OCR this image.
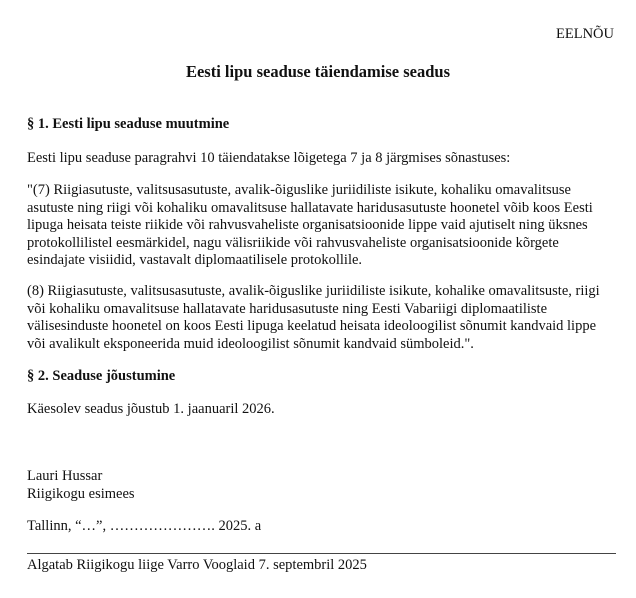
EELNÕU
Eesti lipu seaduse täiendamise seadus
§ 1. Eesti lipu seaduse muutmine
Eesti lipu seaduse paragrahvi 10 täiendatakse lõigetega 7 ja 8 järgmises sõnastuses:
"(7) Riigiasutuste, valitsusasutuste, avalik-õiguslike juriidiliste isikute, kohaliku omavalitsuse
asutuste ning riigi või kohaliku omavalitsuse hallatavate haridusasutuste hoonetel võib koos Eesti
lipuga heisata teiste riikide või rahvusvaheliste organisatsioonide lippe vaid ajutiselt ning üksnes
protokollilistel eesmärkidel, nagu välisriikide või rahvusvaheliste organisatsioonide kõrgete
esindajate visiidid, vastavalt diplomaatilisele protokollile.
(8) Riigiasutuste, valitsusasutuste, avalik-õiguslike juriidiliste isikute, kohalike omavalitsuste, riigi
või kohaliku omavalitsuse hallatavate haridusasutuste ning Eesti Vabariigi diplomaatiliste
välisesinduste hoonetel on koos Eesti lipuga keelatud heisata ideoloogilist sõnumit kandvaid lippe
või avalikult eksponeerida muid ideoloogilist sõnumit kandvaid sümboleid.".
§ 2. Seaduse jõustumine
Käesolev seadus jõustub 1. jaanuaril 2026.
Lauri Hussar
Riigikogu esimees
Tallinn, “…”, …………………. 2025. a
Algatab Riigikogu liige Varro Vooglaid 7. septembril 2025
